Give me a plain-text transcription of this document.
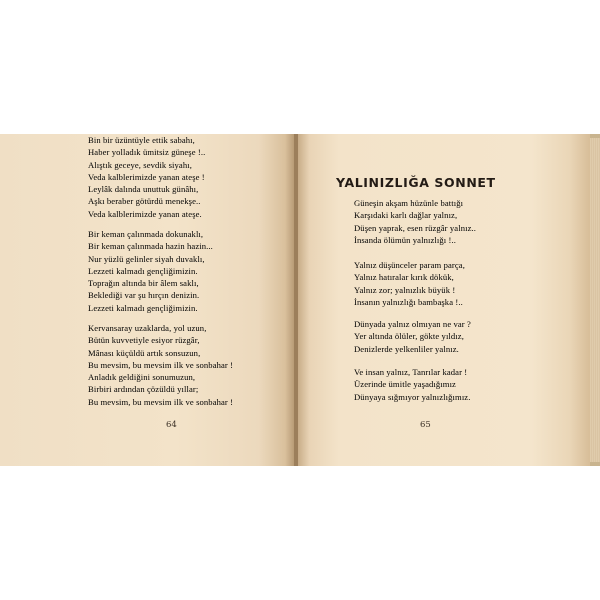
Bin bir üzüntüyle ettik sabahı,
Haber yolladık ümitsiz güneşe !..
Alıştık geceye, sevdik siyahı,
Veda kalblerimizde yanan ateşe !
Leylâk dalında unuttuk günâhı,
Aşkı beraber götürdü menekşe..
Veda kalblerimizde yanan ateşe.
Bir keman çalınmada dokunaklı,
Bir keman çalınmada hazin hazin...
Nur yüzlü gelinler siyah duvaklı,
Lezzeti kalmadı gençliğimizin.
Toprağın altında bir âlem saklı,
Beklediği var şu hırçın denizin.
Lezzeti kalmadı gençliğimizin.
Kervansaray uzaklarda, yol uzun,
Bütün kuvvetiyle esiyor rüzgâr,
Mânası küçüldü artık sonsuzun,
Bu mevsim, bu mevsim ilk ve sonbahar !
Anladık geldiğini sonumuzun,
Birbiri ardından çözüldü yıllar;
Bu mevsim, bu mevsim ilk ve sonbahar !
64
YALINIZLIĞA SONNET
Güneşin akşam hüzünle battığı
Karşıdaki karlı dağlar yalnız,
Düşen yaprak, esen rüzgâr yalnız..
İnsanda ölümün yalnızlığı !..
Yalnız düşünceler param parça,
Yalnız hatıralar kırık dökük,
Yalnız zor; yalnızlık büyük !
İnsanın yalnızlığı bambaşka !..
Dünyada yalnız olmıyan ne var ?
Yer altında ölüler, gökte yıldız,
Denizlerde yelkenliler yalnız.
Ve insan yalnız, Tanrılar kadar !
Üzerinde ümitle yaşadığımız
Dünyaya sığmıyor yalnızlığımız.
65
